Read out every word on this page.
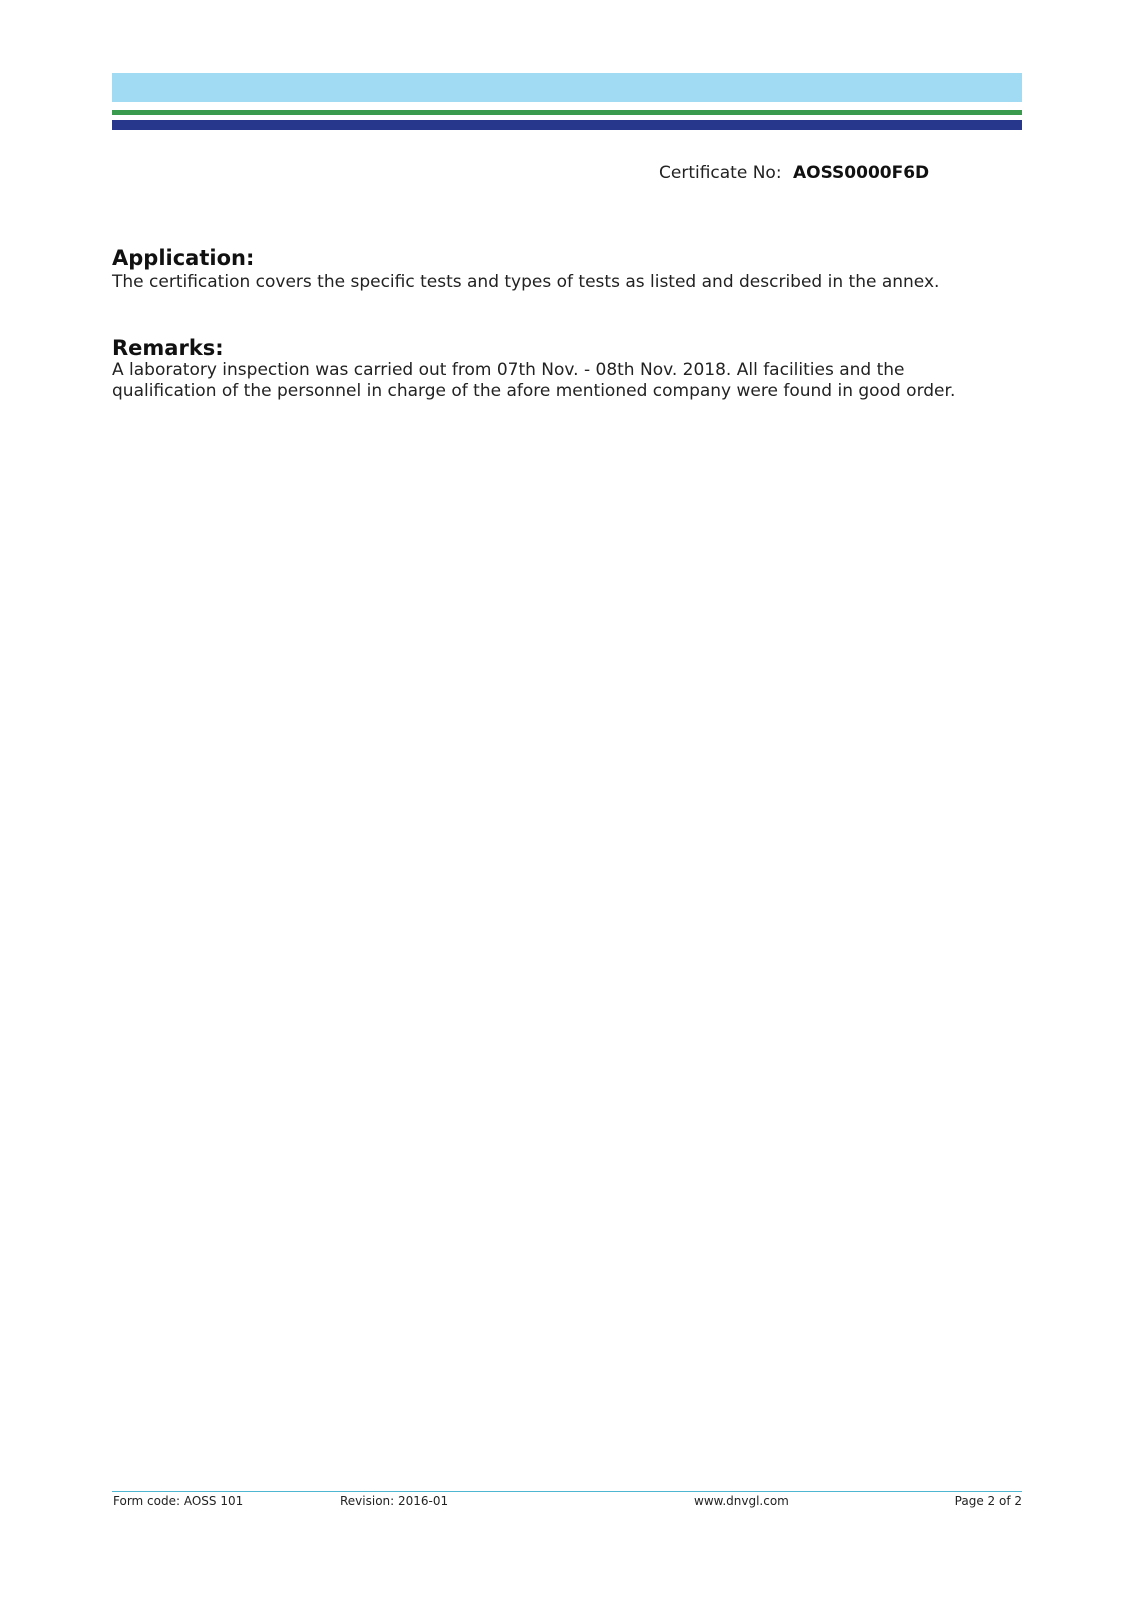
Certificate No: AOSS0000F6D
Application:

The certification covers the specific tests and types of tests as listed and described in the annex.

Remarks:

A laboratory inspection was carried out from 07th Nov. - 08th Nov. 2018. All facilities and the
qualification of the personnel in charge of the afore mentioned company were found in good order.

Form code: AOSS 101	Revision: 2016-01	www.dnvgl.com	Page 2 of 2
